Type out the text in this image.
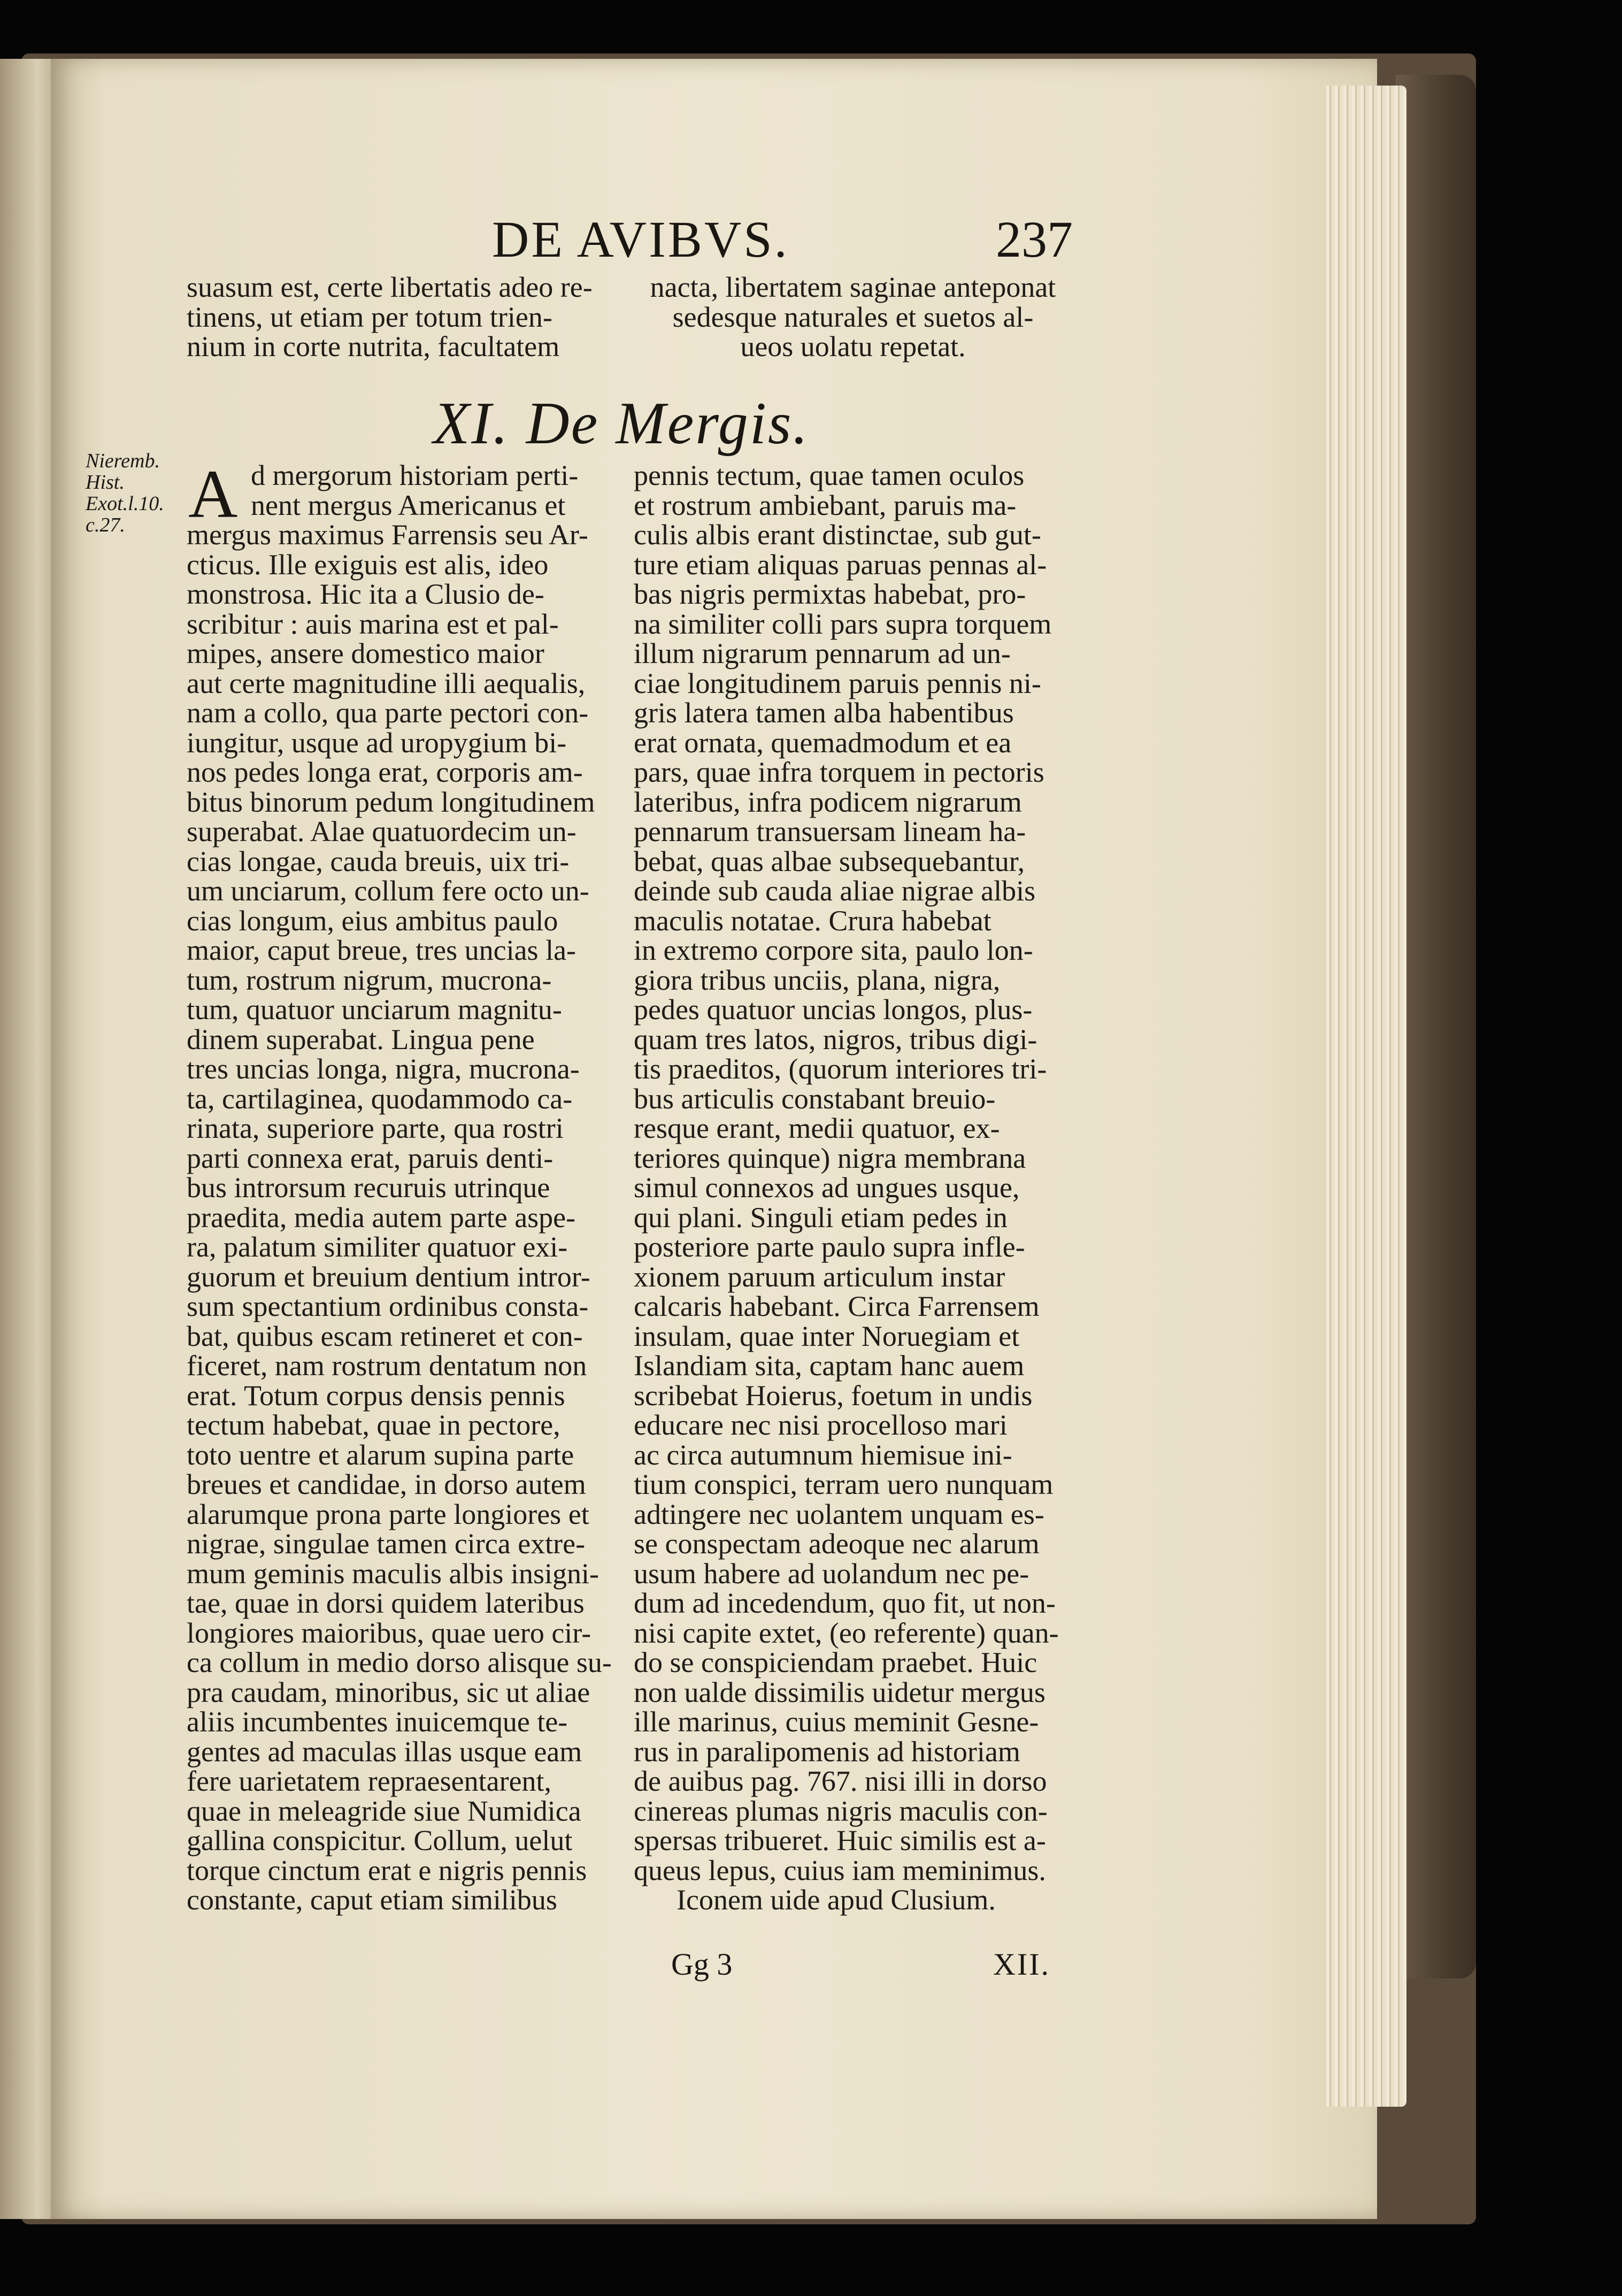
DE AVIBVS.	237
suasum est, certe libertatis adeo re-
tinens, ut etiam per totum trien-
nium in corte nutrita, facultatem
nacta, libertatem saginae anteponat
sedesque naturales et suetos al-
ueos uolatu repetat.
XI. De Mergis.
Nieremb.
Hist.
Exot.l.10.
c.27. A d mergorum historiam perti-
nent mergus Americanus et
mergus maximus Farrensis seu Ar-
cticus. Ille exiguis est alis, ideo
monstrosa. Hic ita a Clusio de-
scribitur : auis marina est et pal-
mipes, ansere domestico maior
aut certe magnitudine illi aequalis,
nam a collo, qua parte pectori con-
iungitur, usque ad uropygium bi-
nos pedes longa erat, corporis am-
bitus binorum pedum longitudinem
superabat. Alae quatuordecim un-
cias longae, cauda breuis, uix tri-
um unciarum, collum fere octo un-
cias longum, eius ambitus paulo
maior, caput breue, tres uncias la-
tum, rostrum nigrum, mucrona-
tum, quatuor unciarum magnitu-
dinem superabat. Lingua pene
tres uncias longa, nigra, mucrona-
ta, cartilaginea, quodammodo ca-
rinata, superiore parte, qua rostri
parti connexa erat, paruis denti-
bus introrsum recuruis utrinque
praedita, media autem parte aspe-
ra, palatum similiter quatuor exi-
guorum et breuium dentium intror-
sum spectantium ordinibus consta-
bat, quibus escam retineret et con-
ficeret, nam rostrum dentatum non
erat. Totum corpus densis pennis
tectum habebat, quae in pectore,
toto uentre et alarum supina parte
breues et candidae, in dorso autem
alarumque prona parte longiores et
nigrae, singulae tamen circa extre-
mum geminis maculis albis insigni-
tae, quae in dorsi quidem lateribus
longiores maioribus, quae uero cir-
ca collum in medio dorso alisque su-
pra caudam, minoribus, sic ut aliae
aliis incumbentes inuicemque te-
gentes ad maculas illas usque eam
fere uarietatem repraesentarent,
quae in meleagride siue Numidica
gallina conspicitur. Collum, uelut
torque cinctum erat e nigris pennis
constante, caput etiam similibus
pennis tectum, quae tamen oculos
et rostrum ambiebant, paruis ma-
culis albis erant distinctae, sub gut-
ture etiam aliquas paruas pennas al-
bas nigris permixtas habebat, pro-
na similiter colli pars supra torquem
illum nigrarum pennarum ad un-
ciae longitudinem paruis pennis ni-
gris latera tamen alba habentibus
erat ornata, quemadmodum et ea
pars, quae infra torquem in pectoris
lateribus, infra podicem nigrarum
pennarum transuersam lineam ha-
bebat, quas albae subsequebantur,
deinde sub cauda aliae nigrae albis
maculis notatae. Crura habebat
in extremo corpore sita, paulo lon-
giora tribus unciis, plana, nigra,
pedes quatuor uncias longos, plus-
quam tres latos, nigros, tribus digi-
tis praeditos, (quorum interiores tri-
bus articulis constabant breuio-
resque erant, medii quatuor, ex-
teriores quinque) nigra membrana
simul connexos ad ungues usque,
qui plani. Singuli etiam pedes in
posteriore parte paulo supra infle-
xionem paruum articulum instar
calcaris habebant. Circa Farrensem
insulam, quae inter Noruegiam et
Islandiam sita, captam hanc auem
scribebat Hoierus, foetum in undis
educare nec nisi procelloso mari
ac circa autumnum hiemisue ini-
tium conspici, terram uero nunquam
adtingere nec uolantem unquam es-
se conspectam adeoque nec alarum
usum habere ad uolandum nec pe-
dum ad incedendum, quo fit, ut non-
nisi capite extet, (eo referente) quan-
do se conspiciendam praebet. Huic
non ualde dissimilis uidetur mergus
ille marinus, cuius meminit Gesne-
rus in paralipomenis ad historiam
de auibus pag. 767. nisi illi in dorso
cinereas plumas nigris maculis con-
spersas tribueret. Huic similis est a-
queus lepus, cuius iam meminimus.
Iconem uide apud Clusium.
Gg 3	XII.
